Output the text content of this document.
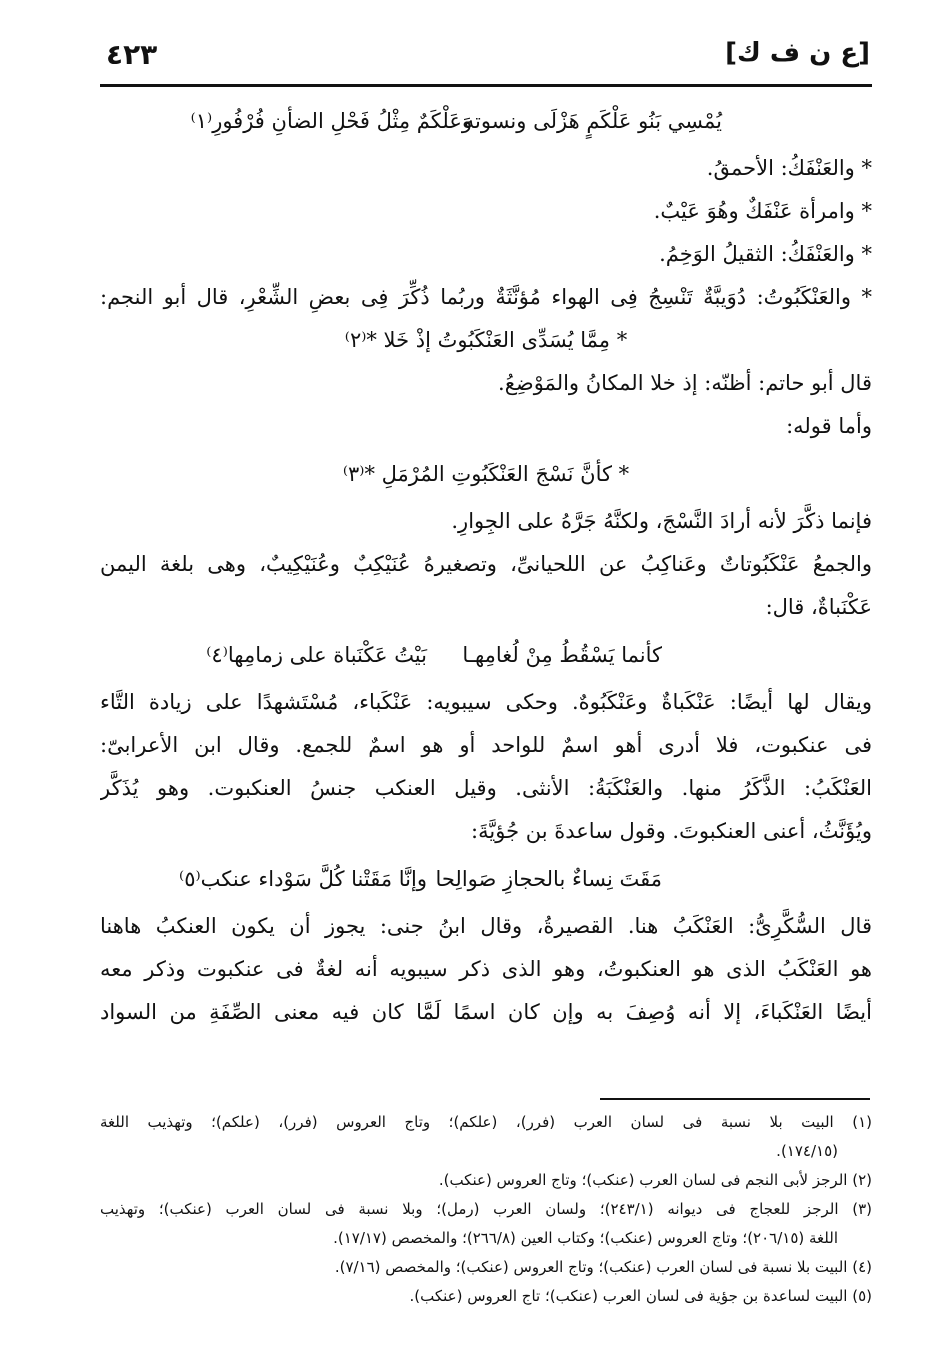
[ع ن ف ك]
٤٢٣
يُمْسِي بَنُو عَلْكَمٍ هَزْلَى ونسوته
وَعَلْكَمٌ مِثْلُ فَحْلِ الضأنِ فُرْفُورِ⁽١⁾
* والعَنْفَكُ: الأحمقُ.
* وامرأة عَنْفَكٌ وهُوَ عَيْبٌ.
* والعَنْفَكُ: الثقيلُ الوَخِمُ.
* والعَنْكَبُوتُ: دُوَيبَّةٌ تَنْسِجُ فِى الهواء مُؤنَّثَةٌ وربُما ذُكِّرَ فِى بعضِ الشِّعْرِ، قال أبو النجم:
* مِمَّا يُسَدِّى العَنْكَبُوتُ إذْ خَلا *⁽٢⁾
قال أبو حاتم: أظنّه: إذ خلا المكانُ والمَوْضِعُ.
وأما قوله:
* كأنَّ نَسْجَ العَنْكَبُوتِ المُرْمَلِ *⁽٣⁾
فإنما ذكَّرَ لأنه أرادَ النَّسْجَ، ولكنَّهُ جَرَّهُ على الجِوارِ.
والجمعُ عَنْكَبُوتاتٌ وعَناكِبُ عن اللحيانىِّ، وتصغيرهُ عُنَيْكِبٌ وعُنَيْكِيبٌ، وهى بلغة اليمن
عَكْنَباةٌ، قال:
كأنما يَسْقُطُ مِنْ لُغامِهـا
بَيْتُ عَكْنَباة على زمامِها⁽٤⁾
ويقال لها أيضًا: عَنْكَباةٌ وعَنْكَبُوهٌ. وحكى سيبويه: عَنْكَباء، مُسْتَشهدًا على زيادة التَّاء
فى عنكبوت، فلا أدرى أهو اسمٌ للواحد أو هو اسمٌ للجمع. وقال ابن الأعرابىّ:
العَنْكَبُ: الذَّكَرُ منها. والعَنْكَبَةُ: الأنثى. وقيل العنكب جنسُ العنكبوت. وهو يُذَكَّر
ويُؤَنَّثُ، أعنى العنكبوتَ. وقول ساعدةَ بن جُؤيَّةَ:
مَقَتَ نِساءٌ بالحجازِ صَوالِحا
وإنَّا مَقَتْنا كُلَّ سَوْداء عنكب⁽٥⁾
قال السُّكَّرِىُّ: العَنْكَبُ هنا. القصيرةُ، وقال ابنُ جنى: يجوز أن يكون العنكبُ هاهنا
هو العَنْكَبُ الذى هو العنكبوتُ، وهو الذى ذكر سيبويه أنه لغةٌ فى عنكبوت وذكر معه
أيضًا العَنْكَباءَ، إلا أنه وُصِفَ به وإن كان اسمًا لَمَّا كان فيه معنى الصِّفَةِ من السواد
(١) البيت بلا نسبة فى لسان العرب (فرر)، (علكم)؛ وتاج العروس (فرر)، (علكم)؛ وتهذيب اللغة
(١٧٤/١٥).
(٢) الرجز لأبى النجم فى لسان العرب (عنكب)؛ وتاج العروس (عنكب).
(٣) الرجز للعجاج فى ديوانه (٢٤٣/١)؛ ولسان العرب (رمل)؛ وبلا نسبة فى لسان العرب (عنكب)؛ وتهذيب
اللغة (٢٠٦/١٥)؛ وتاج العروس (عنكب)؛ وكتاب العين (٢٦٦/٨)؛ والمخصص (١٧/١٧).
(٤) البيت بلا نسبة فى لسان العرب (عنكب)؛ وتاج العروس (عنكب)؛ والمخصص (٧/١٦).
(٥) البيت لساعدة بن جؤية فى لسان العرب (عنكب)؛ تاج العروس (عنكب).
